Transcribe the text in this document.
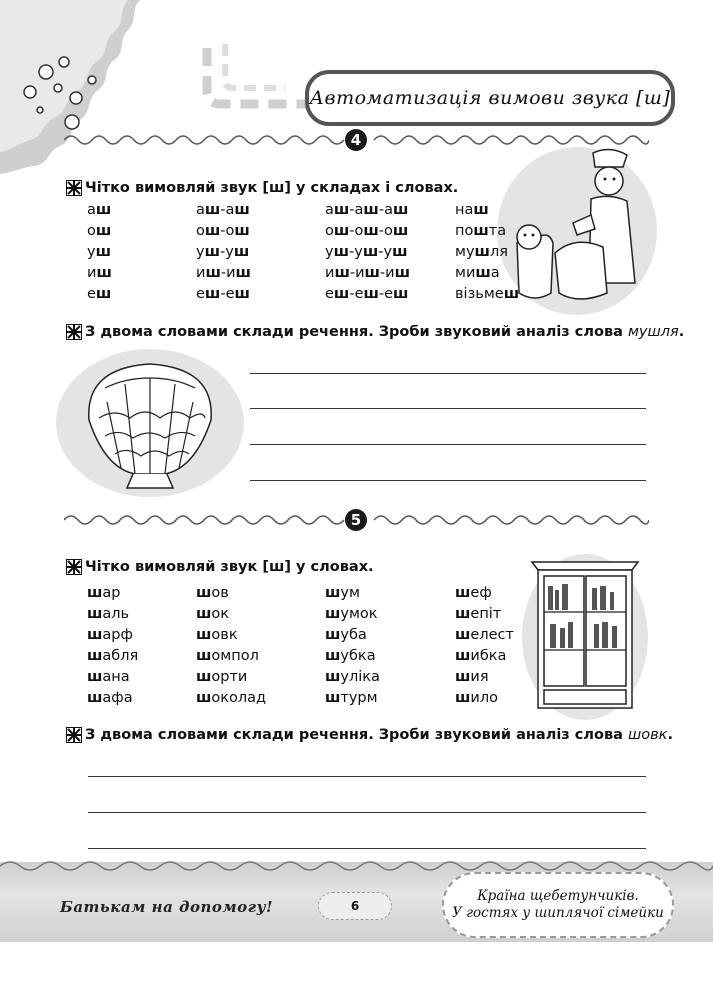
Автоматизація вимови звука [ш]
4
Чітко вимовляй звук [ш] у складах і словах.
аш
ош
уш
иш
еш
аш-аш
ош-ош
уш-уш
иш-иш
еш-еш
аш-аш-аш
ош-ош-ош
уш-уш-уш
иш-иш-иш
еш-еш-еш
наш
пошта
мушля
миша
візьмеш
З двома словами склади речення. Зроби звуковий аналіз слова
мушля .
5
Чітко вимовляй звук [ш] у словах.
шар
шаль
шарф
шабля
шана
шафа
шов
шок
шовк
шомпол
шорти
шоколад
шум
шумок
шуба
шубка
шуліка
штурм
шеф
шепіт
шелест
шибка
шия
шило
З двома словами склади речення. Зроби звуковий аналіз слова
шовк .
Батькам на допомогу!	6
Країна щебетунчиків.
У гостях у шиплячої сімейки
